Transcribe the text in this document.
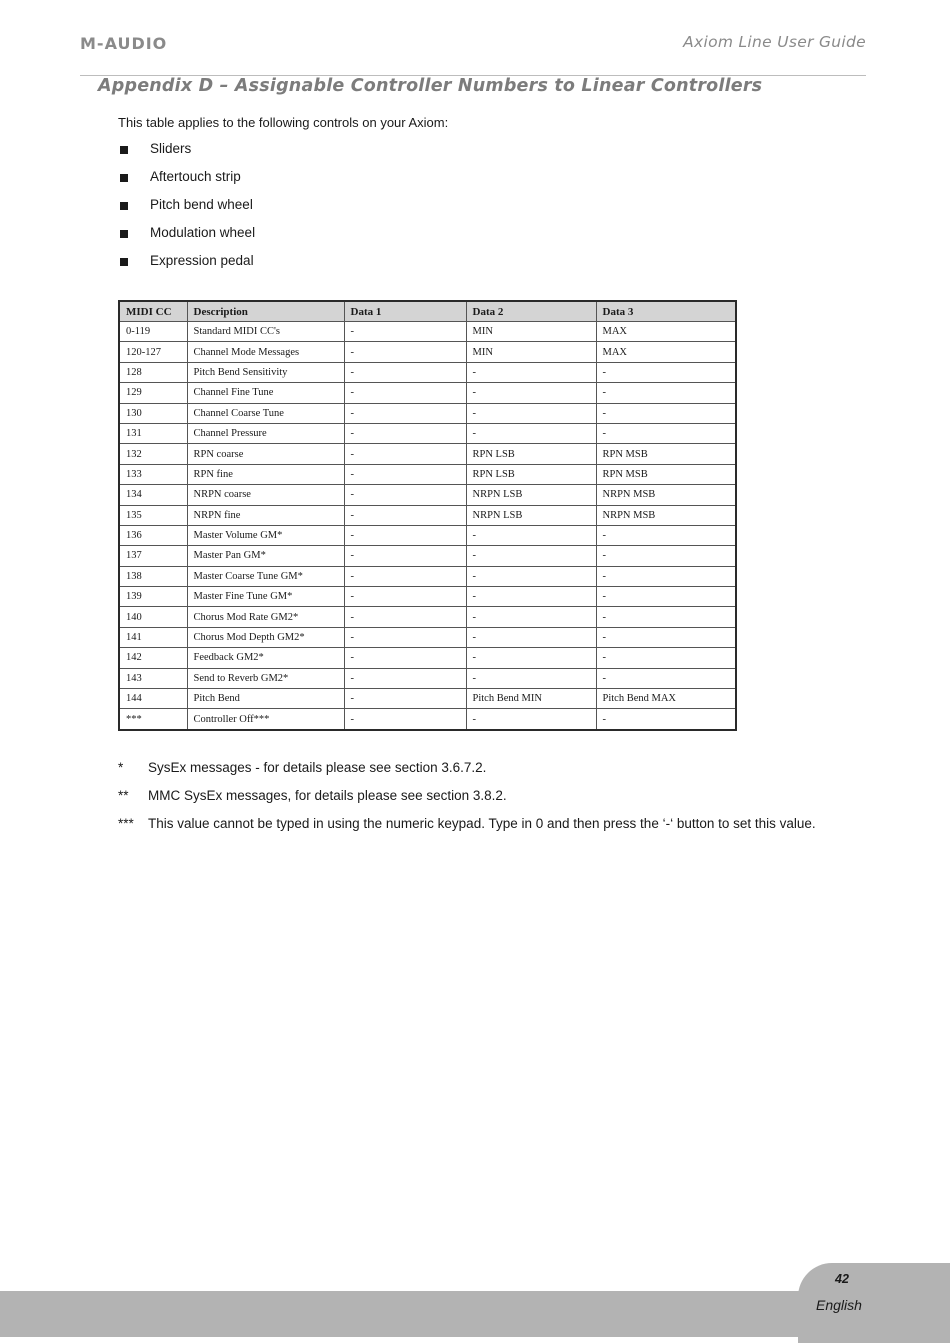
M-AUDIO	Axiom Line User Guide
Appendix D – Assignable Controller Numbers to Linear Controllers
This table applies to the following controls on your Axiom:
Sliders
Aftertouch strip
Pitch bend wheel
Modulation wheel
Expression pedal
MIDI CC	Description	Data 1	Data 2	Data 3
0-119	Standard MIDI CC's	-	MIN	MAX
120-127	Channel Mode Messages	-	MIN	MAX
128	Pitch Bend Sensitivity	-	-	-
129	Channel Fine Tune	-	-	-
130	Channel Coarse Tune	-	-	-
131	Channel Pressure	-	-	-
132	RPN coarse	-	RPN LSB	RPN MSB
133	RPN fine	-	RPN LSB	RPN MSB
134	NRPN coarse	-	NRPN LSB	NRPN MSB
135	NRPN fine	-	NRPN LSB	NRPN MSB
136	Master Volume GM*	-	-	-
137	Master Pan GM*	-	-	-
138	Master Coarse Tune GM*	-	-	-
139	Master Fine Tune GM*	-	-	-
140	Chorus Mod Rate GM2*	-	-	-
141	Chorus Mod Depth GM2*	-	-	-
142	Feedback GM2*	-	-	-
143	Send to Reverb GM2*	-	-	-
144	Pitch Bend	-	Pitch Bend MIN	Pitch Bend MAX
***	Controller Off***	-	-	-
*	SysEx messages - for details please see section 3.6.7.2.
**	MMC SysEx messages, for details please see section 3.8.2.
***	This value cannot be typed in using the numeric keypad. Type in 0 and then press the ‘-‘ button to set this value.
42
English
